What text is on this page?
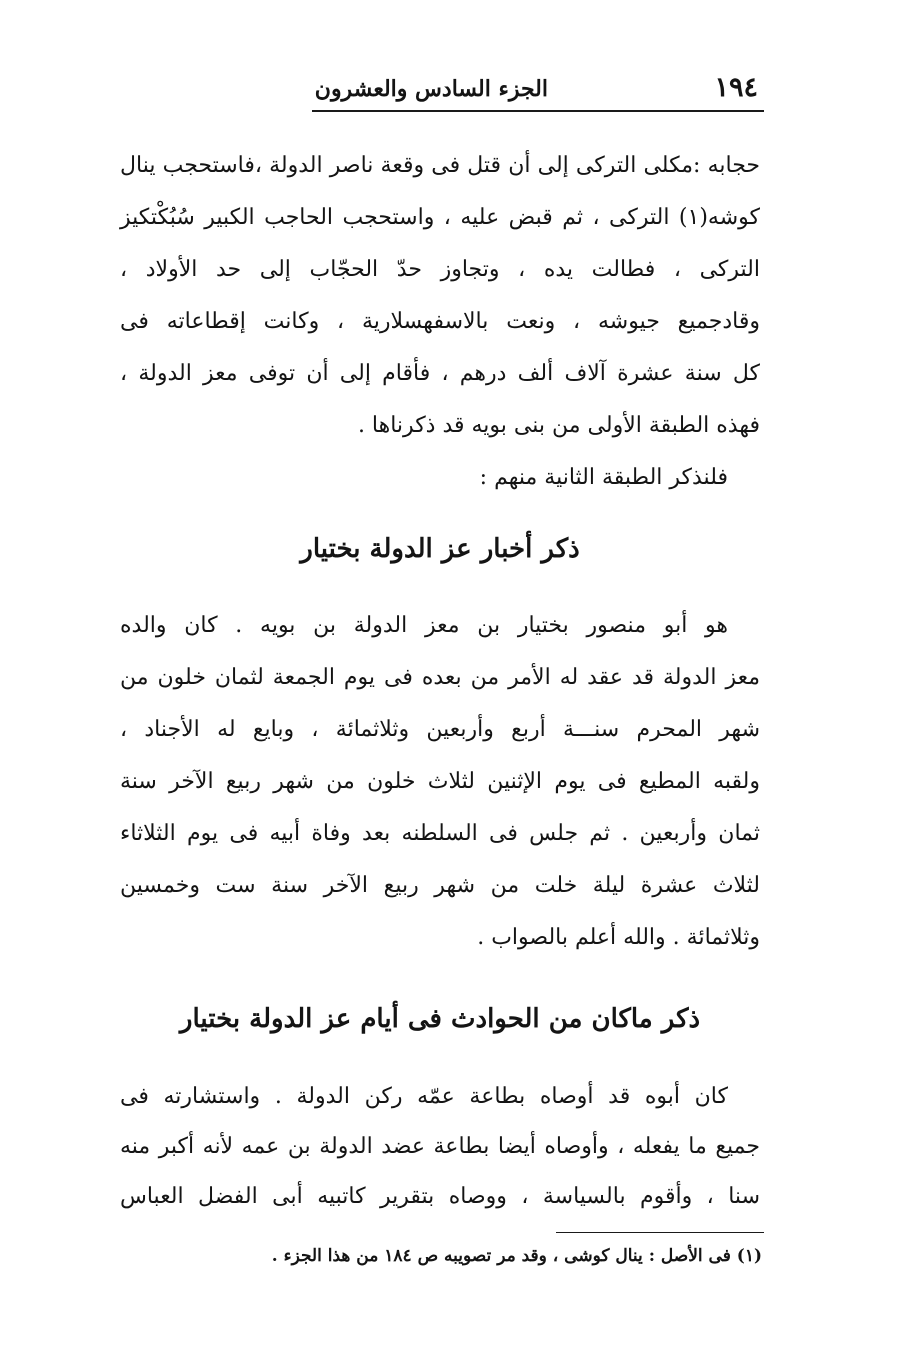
١٩٤
الجزء السادس والعشرون
حجابه :مكلى التركى إلى أن قتل فى وقعة ناصر الدولة ،فاستحجب ينال
كوشه(١) التركى ، ثم قبض عليه ، واستحجب الحاجب الكبير سُبُكْتكيز
التركى ، فطالت يده ، وتجاوز حدّ الحجّاب إلى حد الأولاد ،
وقادجميع جيوشه ، ونعت بالاسفهسلارية ، وكانت إقطاعاته فى
كل سنة عشرة آلاف ألف درهم ، فأقام إلى أن توفى معز الدولة ،
فهذه الطبقة الأولى من بنى بويه قد ذكرناها .
فلنذكر الطبقة الثانية منهم :
ذكر أخبار عز الدولة بختيار
هو أبو منصور بختيار بن معز الدولة بن بويه . كان والده
معز الدولة قد عقد له الأمر من بعده فى يوم الجمعة لثمان خلون من
شهر المحرم سنـــة أربع وأربعين وثلاثمائة ، وبايع له الأجناد ،
ولقبه المطيع فى يوم الإثنين لثلاث خلون من شهر ربيع الآخر سنة
ثمان وأربعين . ثم جلس فى السلطنه بعد وفاة أبيه فى يوم الثلاثاء
لثلاث عشرة ليلة خلت من شهر ربيع الآخر سنة ست وخمسين
وثلاثمائة . والله أعلم بالصواب .
ذكر ماكان من الحوادث فى أيام عز الدولة بختيار
كان أبوه قد أوصاه بطاعة عمّه ركن الدولة . واستشارته فى
جميع ما يفعله ، وأوصاه أيضا بطاعة عضد الدولة بن عمه لأنه أكبر منه
سنا ، وأقوم بالسياسة ، ووصاه بتقرير كاتبيه أبى الفضل العباس
(١) فى الأصل : ينال كوشى ، وقد مر تصويبه ص ١٨٤ من هذا الجزء .
